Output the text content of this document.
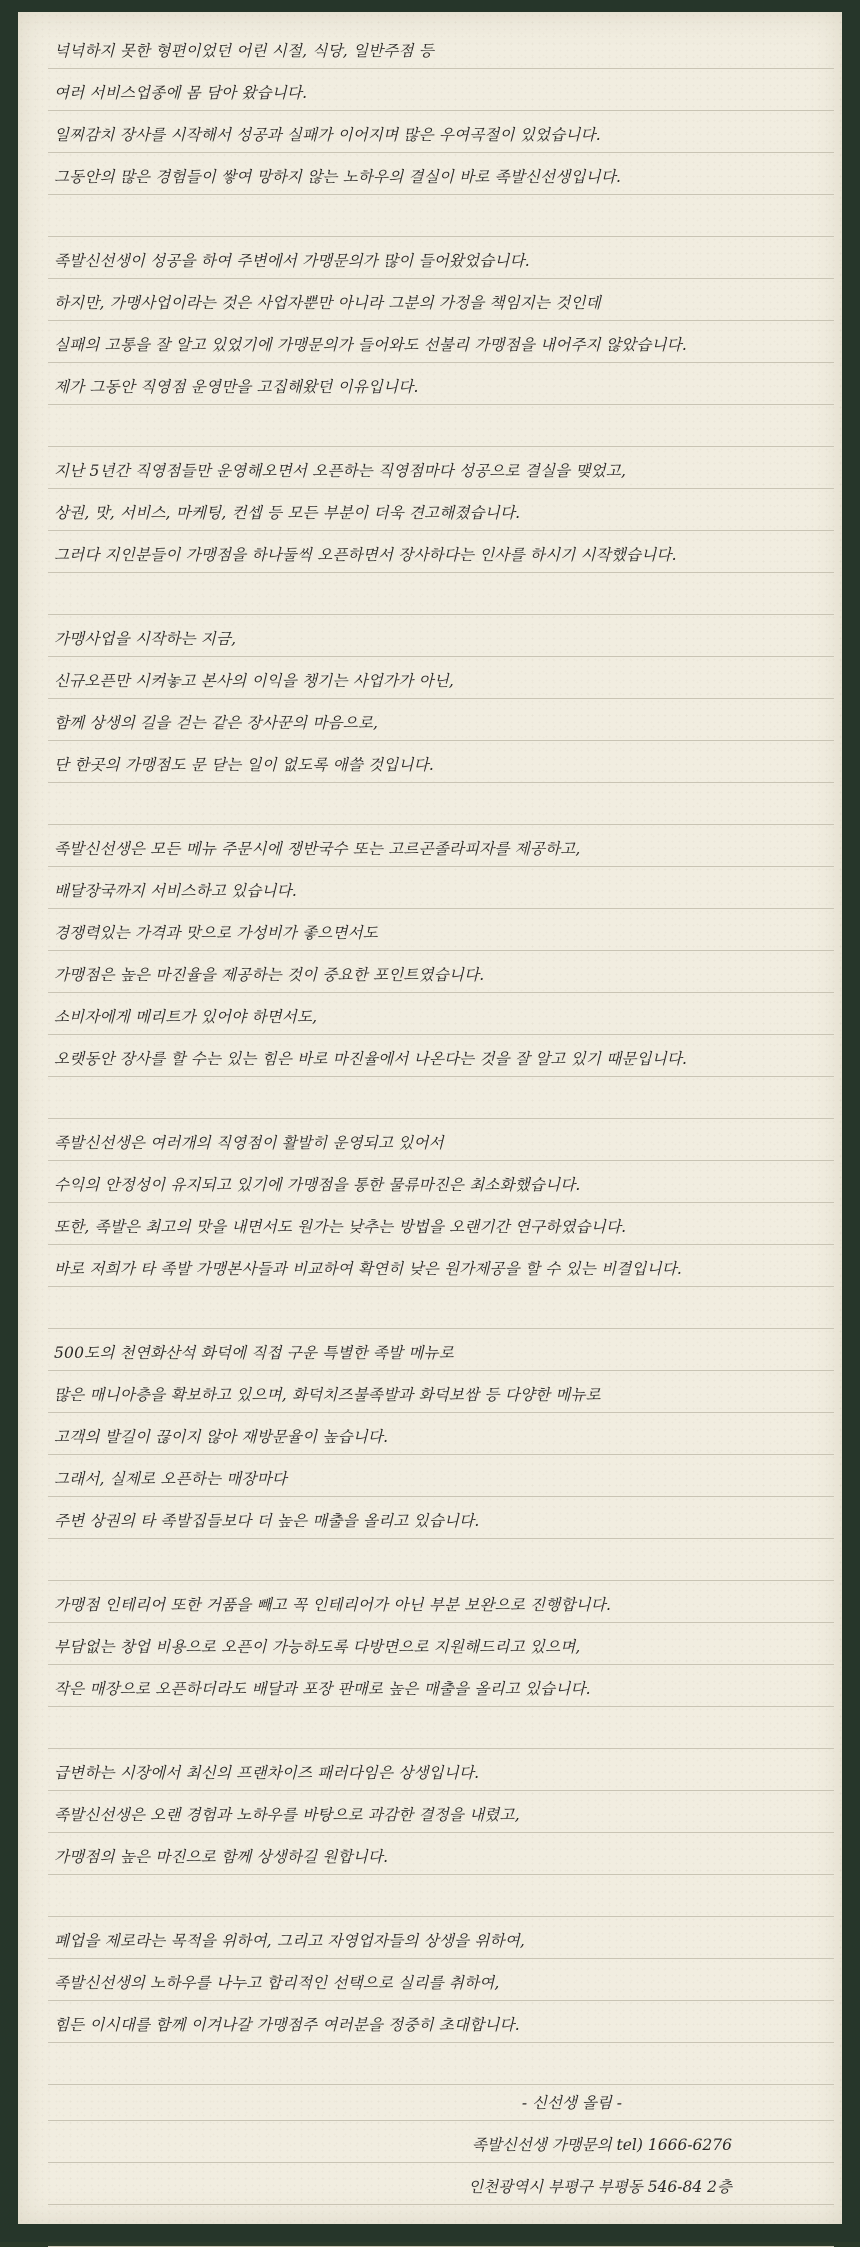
넉넉하지 못한 형편이었던 어린 시절, 식당, 일반주점 등
여러 서비스업종에 몸 담아 왔습니다.
일찌감치 장사를 시작해서 성공과 실패가 이어지며 많은 우여곡절이 있었습니다.
그동안의 많은 경험들이 쌓여 망하지 않는 노하우의 결실이 바로 족발신선생입니다.
족발신선생이 성공을 하여 주변에서 가맹문의가 많이 들어왔었습니다.
하지만, 가맹사업이라는 것은 사업자뿐만 아니라 그분의 가정을 책임지는 것인데
실패의 고통을 잘 알고 있었기에 가맹문의가 들어와도 선불리 가맹점을 내어주지 않았습니다.
제가 그동안 직영점 운영만을 고집해왔던 이유입니다.
지난 5년간 직영점들만 운영해오면서 오픈하는 직영점마다 성공으로 결실을 맺었고,
상권, 맛, 서비스, 마케팅, 컨셉 등 모든 부분이 더욱 견고해졌습니다.
그러다 지인분들이 가맹점을 하나둘씩 오픈하면서 장사하다는 인사를 하시기 시작했습니다.
가맹사업을 시작하는 지금,
신규오픈만 시켜놓고 본사의 이익을 챙기는 사업가가 아닌,
함께 상생의 길을 걷는 같은 장사꾼의 마음으로,
단 한곳의 가맹점도 문 닫는 일이 없도록 애쓸 것입니다.
족발신선생은 모든 메뉴 주문시에 쟁반국수 또는 고르곤졸라피자를 제공하고,
배달장국까지 서비스하고 있습니다.
경쟁력있는 가격과 맛으로 가성비가 좋으면서도
가맹점은 높은 마진율을 제공하는 것이 중요한 포인트였습니다.
소비자에게 메리트가 있어야 하면서도,
오랫동안 장사를 할 수는 있는 힘은 바로 마진율에서 나온다는 것을 잘 알고 있기 때문입니다.
족발신선생은 여러개의 직영점이 활발히 운영되고 있어서
수익의 안정성이 유지되고 있기에 가맹점을 통한 물류마진은 최소화했습니다.
또한, 족발은 최고의 맛을 내면서도 원가는 낮추는 방법을 오랜기간 연구하였습니다.
바로 저희가 타 족발 가맹본사들과 비교하여 확연히 낮은 원가제공을 할 수 있는 비결입니다.
500도의 천연화산석 화덕에 직접 구운 특별한 족발 메뉴로
많은 매니아층을 확보하고 있으며, 화덕치즈불족발과 화덕보쌈 등 다양한 메뉴로
고객의 발길이 끊이지 않아 재방문율이 높습니다.
그래서, 실제로 오픈하는 매장마다
주변 상권의 타 족발집들보다 더 높은 매출을 올리고 있습니다.
가맹점 인테리어 또한 거품을 빼고 꼭 인테리어가 아닌 부분 보완으로 진행합니다.
부담없는 창업 비용으로 오픈이 가능하도록 다방면으로 지원해드리고 있으며,
작은 매장으로 오픈하더라도 배달과 포장 판매로 높은 매출을 올리고 있습니다.
급변하는 시장에서 최신의 프랜차이즈 패러다임은 상생입니다.
족발신선생은 오랜 경험과 노하우를 바탕으로 과감한 결정을 내렸고,
가맹점의 높은 마진으로 함께 상생하길 원합니다.
폐업을 제로라는 목적을 위하여, 그리고 자영업자들의 상생을 위하여,
족발신선생의 노하우를 나누고 합리적인 선택으로 실리를 취하여,
힘든 이시대를 함께 이겨나갈 가맹점주 여러분을 정중히 초대합니다.
- 신선생 올림 -
족발신선생 가맹문의 tel) 1666-6276
인천광역시 부평구 부평동 546-84 2층
